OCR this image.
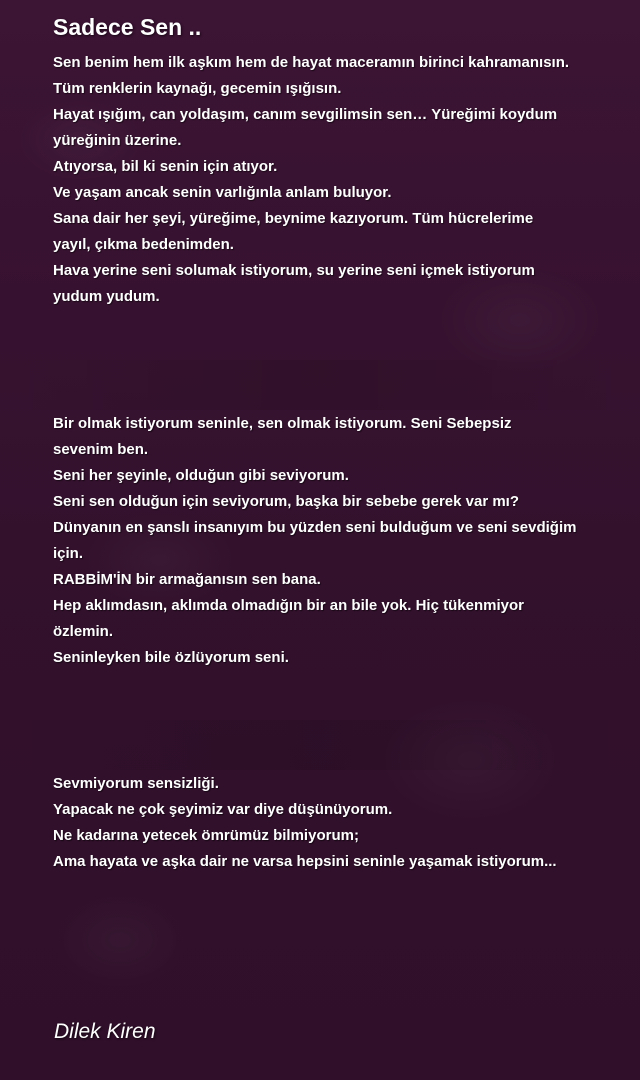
Sadece Sen ..
Sen benim hem ilk aşkım hem de hayat maceramın birinci kahramanısın.
Tüm renklerin kaynağı, gecemin ışığısın.
Hayat ışığım, can yoldaşım, canım sevgilimsin sen… Yüreğimi koydum
yüreğinin üzerine.
Atıyorsa, bil ki senin için atıyor.
Ve yaşam ancak senin varlığınla anlam buluyor.
Sana dair her şeyi, yüreğime, beynime kazıyorum. Tüm hücrelerime
yayıl, çıkma bedenimden.
Hava yerine seni solumak istiyorum, su yerine seni içmek istiyorum
yudum yudum.
Bir olmak istiyorum seninle, sen olmak istiyorum. Seni Sebepsiz
sevenim ben.
Seni her şeyinle, olduğun gibi seviyorum.
Seni sen olduğun için seviyorum, başka bir sebebe gerek var mı?
Dünyanın en şanslı insanıyım bu yüzden seni bulduğum ve seni sevdiğim
için.
RABBİM'İN bir armağanısın sen bana.
Hep aklımdasın, aklımda olmadığın bir an bile yok. Hiç tükenmiyor
özlemin.
Seninleyken bile özlüyorum seni.
Sevmiyorum sensizliği.
Yapacak ne çok şeyimiz var diye düşünüyorum.
Ne kadarına yetecek ömrümüz bilmiyorum;
Ama hayata ve aşka dair ne varsa hepsini seninle yaşamak istiyorum...
Dilek Kiren
